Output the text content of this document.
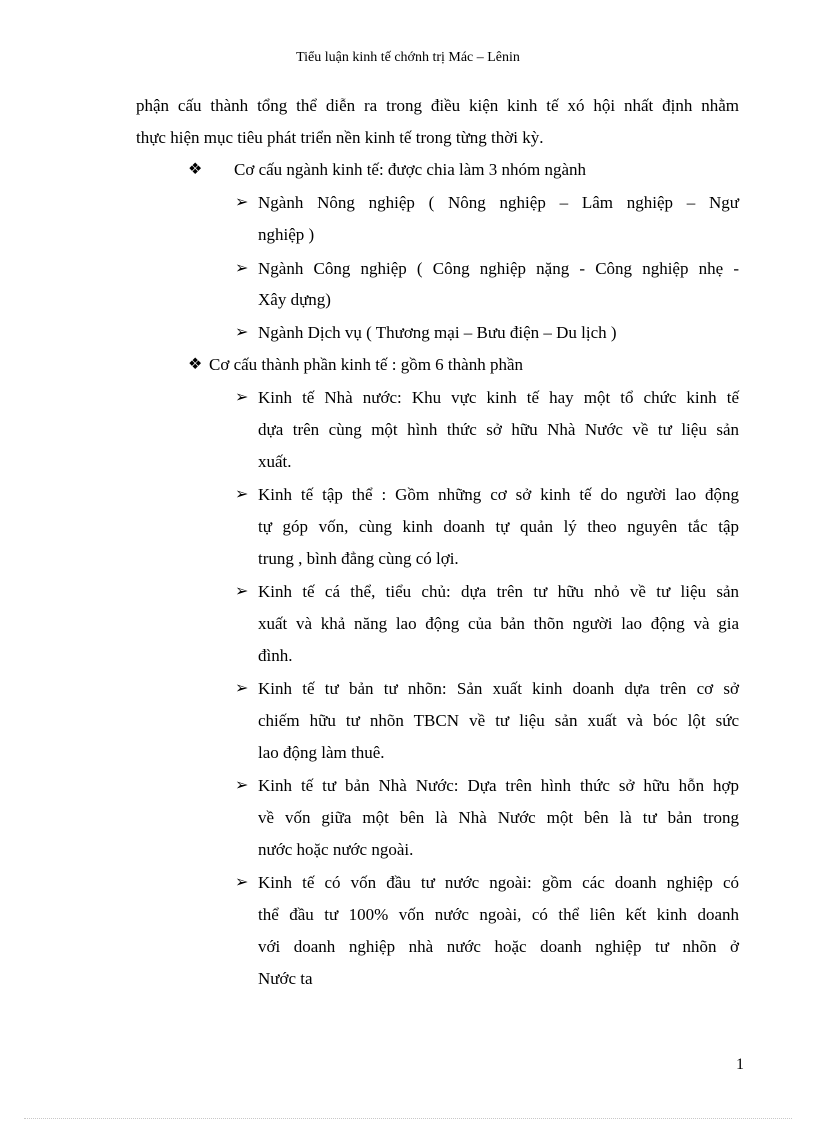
Tiểu luận kinh tế chớnh trị Mác – Lênin
phận cấu thành tổng thể diễn ra trong điều kiện kinh tế xó hội nhất định nhằm
thực hiện mục tiêu phát triển nền kinh tế trong từng thời kỳ.
❖ Cơ cấu ngành kinh tế: được chia làm 3 nhóm ngành
➢ Ngành Nông nghiệp ( Nông nghiệp – Lâm nghiệp – Ngư
nghiệp )
➢ Ngành Công nghiệp ( Công nghiệp nặng - Công nghiệp nhẹ -
Xây dựng)
➢ Ngành Dịch vụ ( Thương mại – Bưu điện – Du lịch )
❖ Cơ cấu thành phần kinh tế : gồm 6 thành phần
➢ Kinh tế Nhà nước: Khu vực kinh tế hay một tổ chức kinh tế
dựa trên cùng một hình thức sở hữu Nhà Nước về tư liệu sản
xuất.
➢ Kinh tế tập thể : Gồm những cơ sở kinh tế do người lao động
tự góp vốn, cùng kinh doanh tự quản lý theo nguyên tắc tập
trung , bình đẳng cùng có lợi.
➢ Kinh tế cá thể, tiểu chủ: dựa trên tư hữu nhỏ về tư liệu sản
xuất và khả năng lao động của bản thõn người lao động và gia
đình.
➢ Kinh tế tư bản tư nhõn: Sản xuất kinh doanh dựa trên cơ sở
chiếm hữu tư nhõn TBCN về tư liệu sản xuất và bóc lột sức
lao động làm thuê.
➢ Kinh tế tư bản Nhà Nước: Dựa trên hình thức sở hữu hỗn hợp
về vốn giữa một bên là Nhà Nước một bên là tư bản trong
nước hoặc nước ngoài.
➢ Kinh tế có vốn đầu tư nước ngoài: gồm các doanh nghiệp có
thể đầu tư 100% vốn nước ngoài, có thể liên kết kinh doanh
với doanh nghiệp nhà nước hoặc doanh nghiệp tư nhõn ở
Nước ta
1
